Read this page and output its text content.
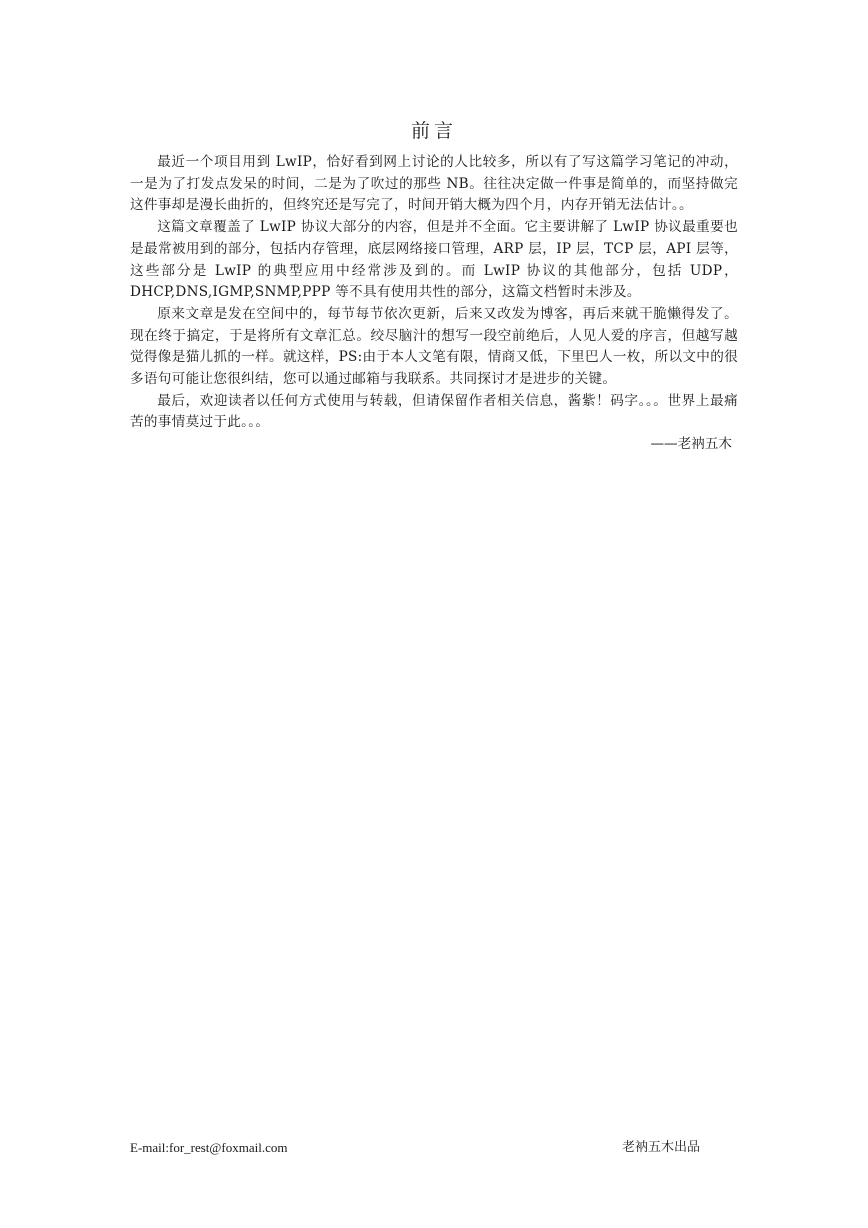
前言

最近一个项目用到 LwIP，恰好看到网上讨论的人比较多，所以有了写这篇学习笔记的冲动，一是为了打发点发呆的时间，二是为了吹过的那些 NB。往往决定做一件事是简单的，而坚持做完这件事却是漫长曲折的，但终究还是写完了，时间开销大概为四个月，内存开销无法估计。。

这篇文章覆盖了 LwIP 协议大部分的内容，但是并不全面。它主要讲解了 LwIP 协议最重要也是最常被用到的部分，包括内存管理，底层网络接口管理，ARP 层，IP 层，TCP 层，API 层等，这些部分是 LwIP 的典型应用中经常涉及到的。而 LwIP 协议的其他部分，包括 UDP，DHCP,DNS,IGMP,SNMP,PPP 等不具有使用共性的部分，这篇文档暂时未涉及。

原来文章是发在空间中的，每节每节依次更新，后来又改发为博客，再后来就干脆懒得发了。现在终于搞定，于是将所有文章汇总。绞尽脑汁的想写一段空前绝后，人见人爱的序言，但越写越觉得像是猫儿抓的一样。就这样，PS:由于本人文笔有限，情商又低，下里巴人一枚，所以文中的很多语句可能让您很纠结，您可以通过邮箱与我联系。共同探讨才是进步的关键。

最后，欢迎读者以任何方式使用与转载，但请保留作者相关信息，酱紫！码字。。。世界上最痛苦的事情莫过于此。。。

——老衲五木

E-mail:for_rest@foxmail.com	老衲五木出品
